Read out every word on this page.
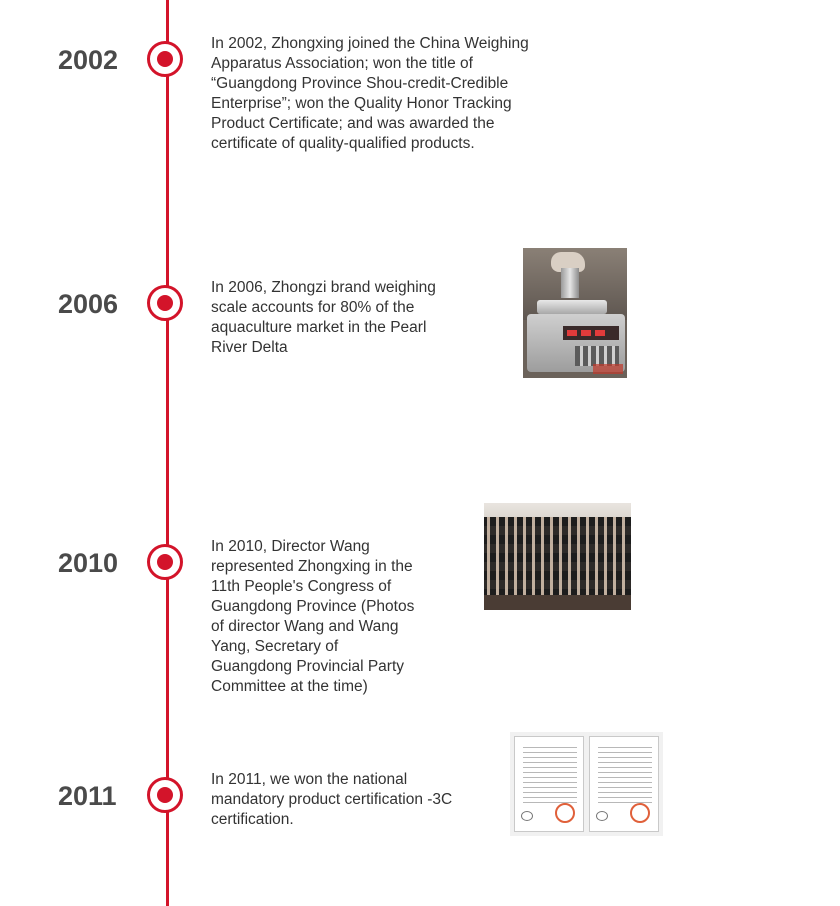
2002
In 2002, Zhongxing joined the China Weighing
Apparatus Association; won the title of
“Guangdong Province Shou-credit-Credible
Enterprise”; won the Quality Honor Tracking
Product Certificate; and was awarded the
certificate of quality-qualified products.
2006
In 2006, Zhongzi brand weighing
scale accounts for 80% of the
aquaculture market in the Pearl
River Delta
2010
In 2010, Director Wang
represented Zhongxing in the
11th People's Congress of
Guangdong Province (Photos
of director Wang and Wang
Yang, Secretary of
Guangdong Provincial Party
Committee at the time)
2011
In 2011, we won the national
mandatory product certification -3C
certification.
